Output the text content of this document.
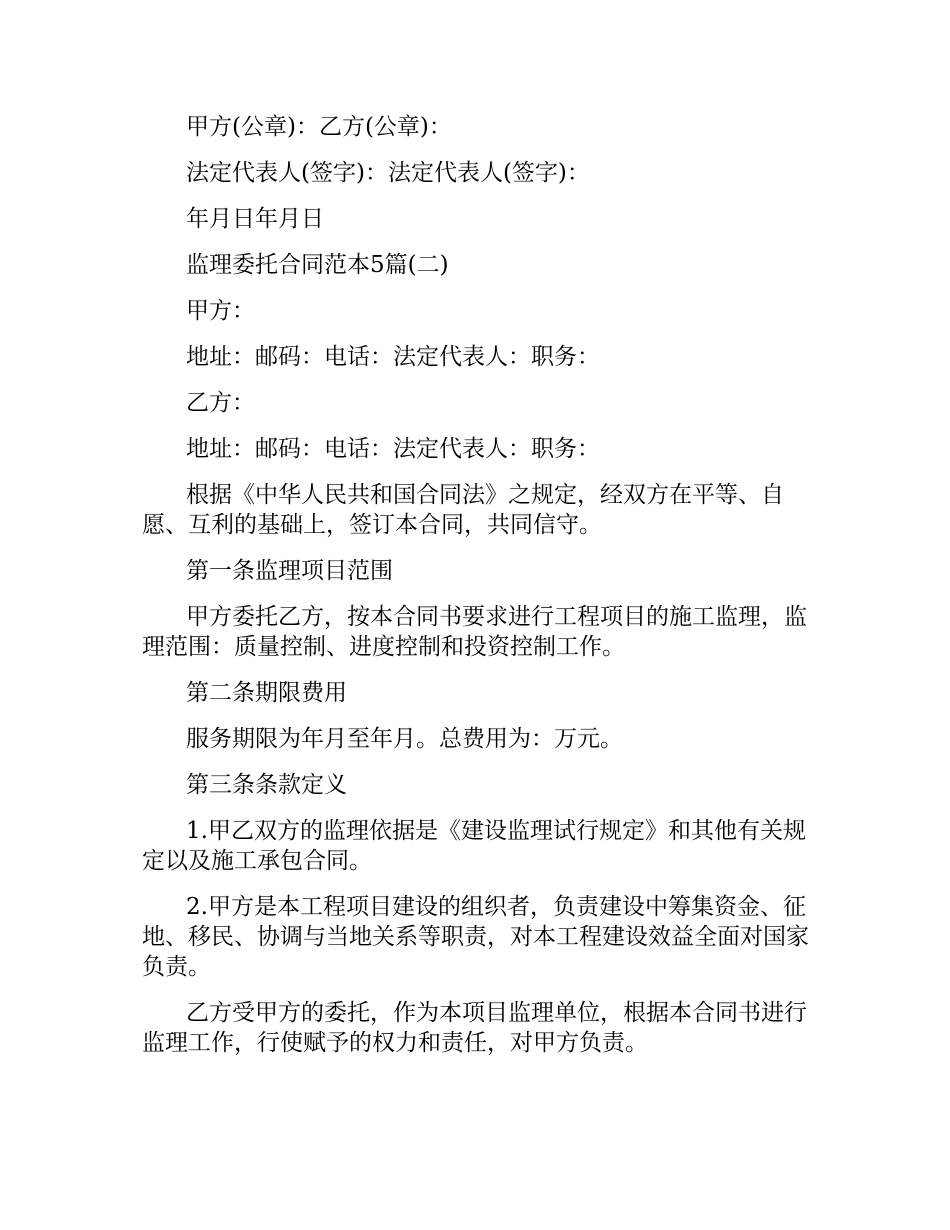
甲方(公章)：乙方(公章)：

法定代表人(签字)：法定代表人(签字)：

年月日年月日

监理委托合同范本5篇(二)

甲方：

地址：邮码：电话：法定代表人：职务：

乙方：

地址：邮码：电话：法定代表人：职务：

根据《中华人民共和国合同法》之规定，经双方在平等、自愿、互利的基础上，签订本合同，共同信守。

第一条监理项目范围

甲方委托乙方，按本合同书要求进行工程项目的施工监理，监理范围：质量控制、进度控制和投资控制工作。

第二条期限费用

服务期限为年月至年月。总费用为：万元。

第三条条款定义

1.甲乙双方的监理依据是《建设监理试行规定》和其他有关规定以及施工承包合同。

2.甲方是本工程项目建设的组织者，负责建设中筹集资金、征地、移民、协调与当地关系等职责，对本工程建设效益全面对国家负责。

乙方受甲方的委托，作为本项目监理单位，根据本合同书进行监理工作，行使赋予的权力和责任，对甲方负责。
